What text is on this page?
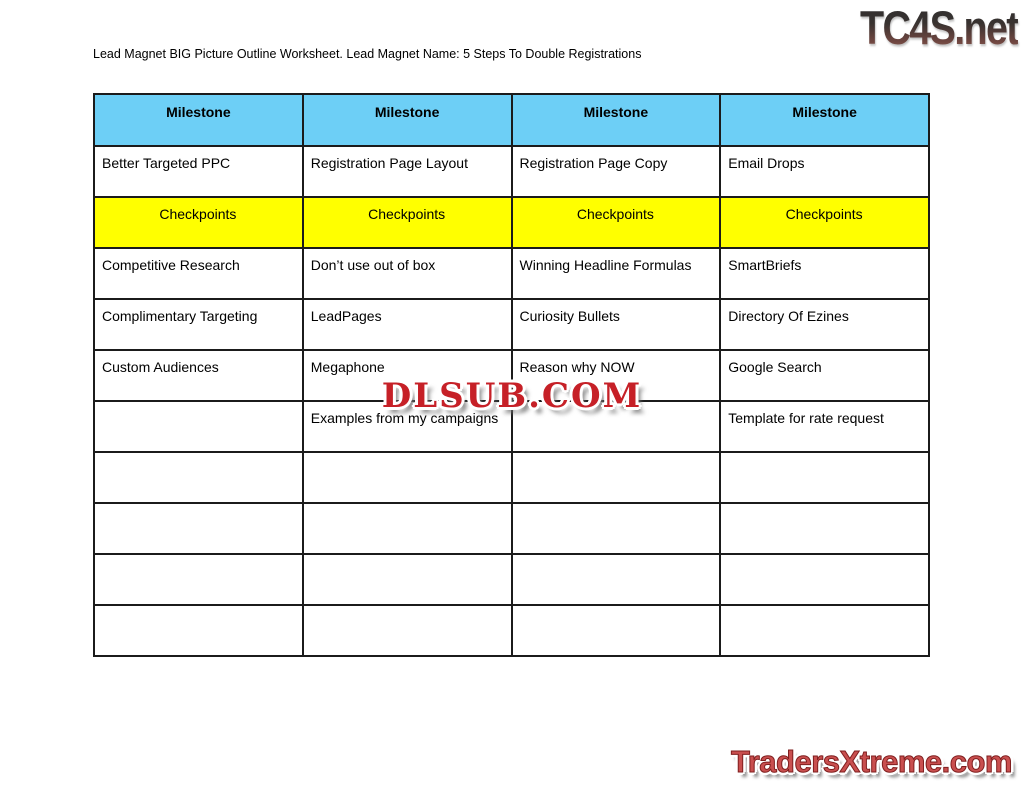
TC4S.net
Lead Magnet BIG Picture Outline Worksheet. Lead Magnet Name: 5 Steps To Double Registrations
Milestone	Milestone	Milestone	Milestone
Better Targeted PPC	Registration Page Layout	Registration Page Copy	Email Drops
Checkpoints	Checkpoints	Checkpoints	Checkpoints
Competitive Research	Don’t use out of box	Winning Headline Formulas	SmartBriefs
Complimentary Targeting	LeadPages	Curiosity Bullets	Directory Of Ezines
Custom Audiences	Megaphone	Reason why NOW	Google Search
	Examples from my campaigns		Template for rate request

DLSUB.COM
TradersXtreme.com
